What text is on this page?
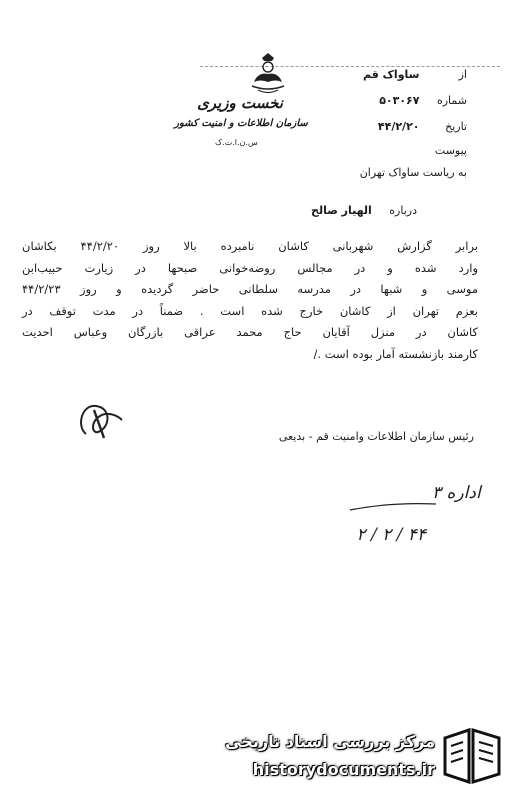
نخست وزیری
سازمان اطلاعات و امنیت کشور
س.ن.ا.ت.ک
از ساواک قم
شماره ۵۰۳۰۶۷
تاریخ ۴۴/۲/۲۰
پیوست
به ریاست ساواک تهران
درباره الهیار صالح
برابر گزارش شهربانی کاشان نامبرده بالا روز ۴۴/۲/۲۰ بکاشان
وارد شده و در مجالس روضه‌خوانی صبحها در زیارت حبیب‌ابن
موسی و شبها در مدرسه سلطانی حاضر گردیده و روز ۴۴/۲/۲۳
بعزم تهران از کاشان خارج شده است . ضمناً در مدت توقف در
کاشان در منزل آقایان حاج محمد عراقی بازرگان وعباس احدیت
کارمند بازنشسته آمار بوده است ./
رئیس سازمان اطلاعات وامنیت قم - بدیعی
اداره ۳
۲ / ۲ / ۴۴
مرکز بررسی اسناد تاریخی
historydocuments.ir
